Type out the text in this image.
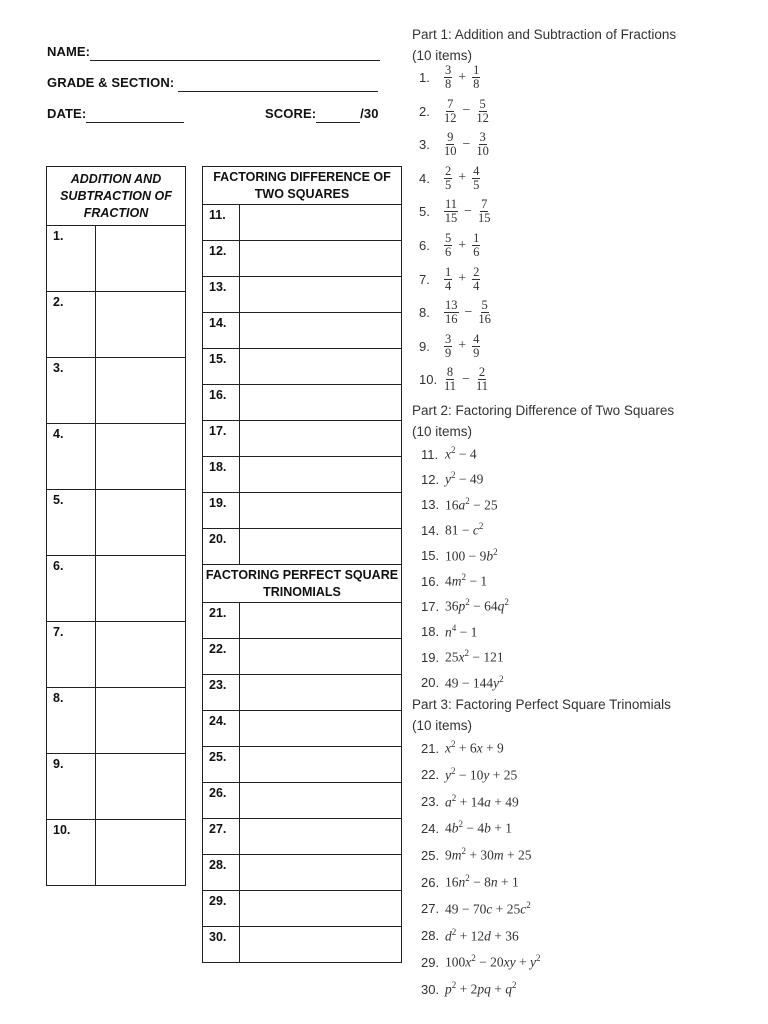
NAME:
GRADE & SECTION:
DATE:	SCORE:	/30
ADDITION AND SUBTRACTION OF FRACTION	
1.	
2.	
3.	
4.	
5.	
6.	
7.	
8.	
9.	
10.	
FACTORING DIFFERENCE OF TWO SQUARES	
11.	
12.	
13.	
14.	
15.	
16.	
17.	
18.	
19.	
20.	
FACTORING PERFECT SQUARE TRINOMIALS	
21.	
22.	
23.	
24.	
25.	
26.	
27.	
28.	
29.	
30.	
Part 1: Addition and Subtraction of Fractions
(10 items)
1.	$\frac{3}{8} + \frac{1}{8}$
2.	$\frac{7}{12} - \frac{5}{12}$
3.	$\frac{9}{10} - \frac{3}{10}$
4.	$\frac{2}{5} + \frac{4}{5}$
5.	$\frac{11}{15} - \frac{7}{15}$
6.	$\frac{5}{6} + \frac{1}{6}$
7.	$\frac{1}{4} + \frac{2}{4}$
8.	$\frac{13}{16} - \frac{5}{16}$
9.	$\frac{3}{9} + \frac{4}{9}$
10. $\frac{8}{11} - \frac{2}{11}$
Part 2: Factoring Difference of Two Squares
(10 items)
11. $x^2 - 4$
12. $y^2 - 49$
13. $16a^2 - 25$
14. $81 - c^2$
15. $100 - 9b^2$
16. $4m^2 - 1$
17. $36p^2 - 64q^2$
18. $n^4 - 1$
19. $25x^2 - 121$
20. $49 - 144y^2$
Part 3: Factoring Perfect Square Trinomials
(10 items)
21. $x^2 + 6x + 9$
22. $y^2 - 10y + 25$
23. $a^2 + 14a + 49$
24. $4b^2 - 4b + 1$
25. $9m^2 + 30m + 25$
26. $16n^2 - 8n + 1$
27. $49 - 70c + 25c^2$
28. $d^2 + 12d + 36$
29. $100x^2 - 20xy + y^2$
30. $p^2 + 2pq + q^2$
